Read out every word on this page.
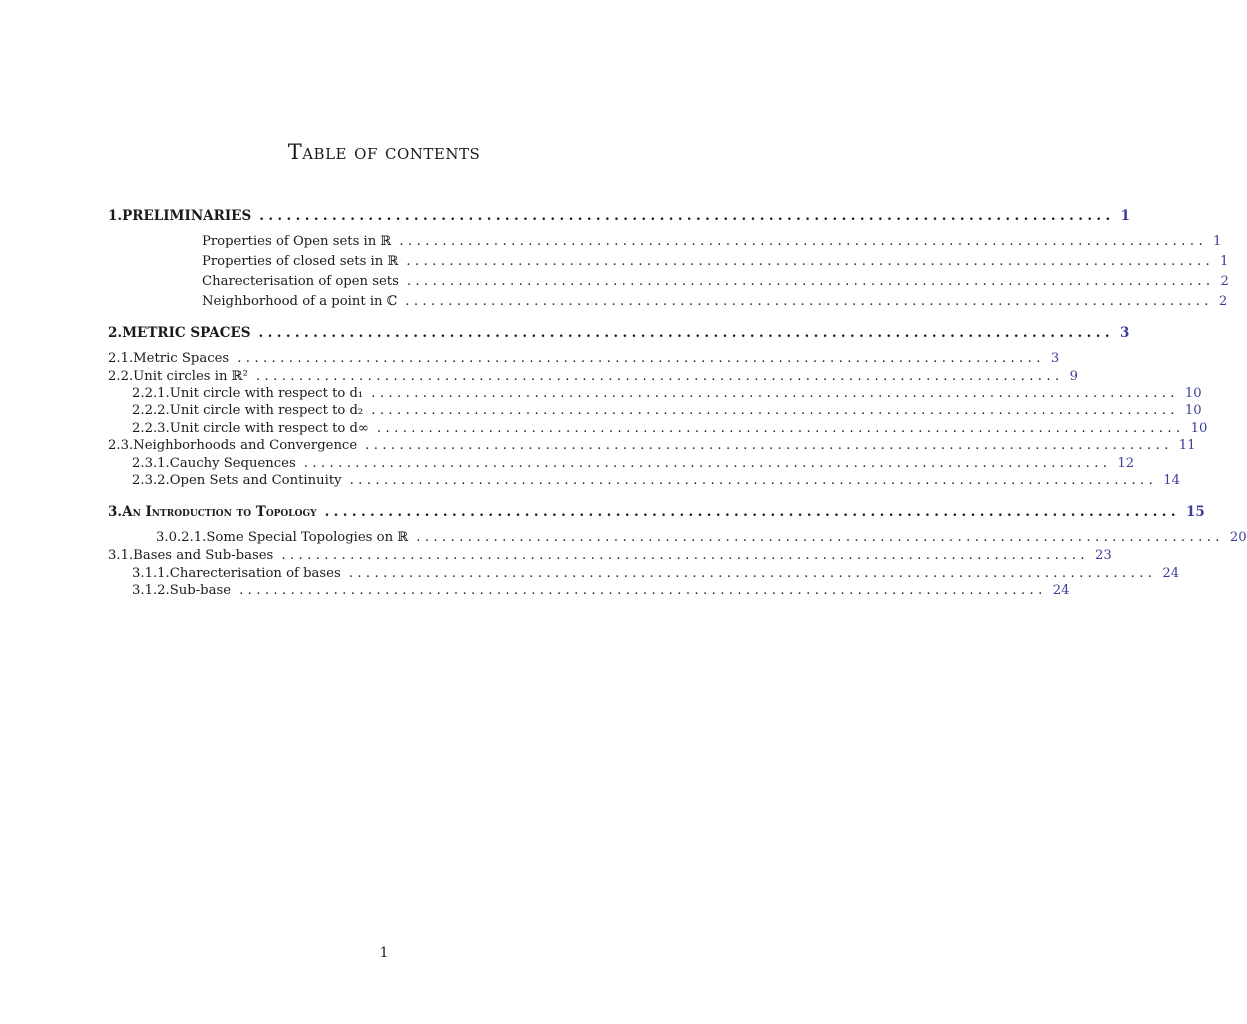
Table of contents
1. PRELIMINARIES .............................................................................................. 1
Properties of Open sets in ℝ .............................................................................................. 1
Properties of closed sets in ℝ .............................................................................................. 1
Charecterisation of open sets .............................................................................................. 2
Neighborhood of a point in ℂ .............................................................................................. 2
2. METRIC SPACES .............................................................................................. 3
2.1. Metric Spaces .............................................................................................. 3
2.2. Unit circles in ℝ² .............................................................................................. 9
2.2.1. Unit circle with respect to d₁ .............................................................................................. 10
2.2.2. Unit circle with respect to d₂ .............................................................................................. 10
2.2.3. Unit circle with respect to d∞ .............................................................................................. 10
2.3. Neighborhoods and Convergence .............................................................................................. 11
2.3.1. Cauchy Sequences .............................................................................................. 12
2.3.2. Open Sets and Continuity .............................................................................................. 14
3. An Introduction to Topology .............................................................................................. 15
3.0.2.1. Some Special Topologies on ℝ .............................................................................................. 20
3.1. Bases and Sub-bases .............................................................................................. 23
3.1.1. Charecterisation of bases .............................................................................................. 24
3.1.2. Sub-base .............................................................................................. 24
1
